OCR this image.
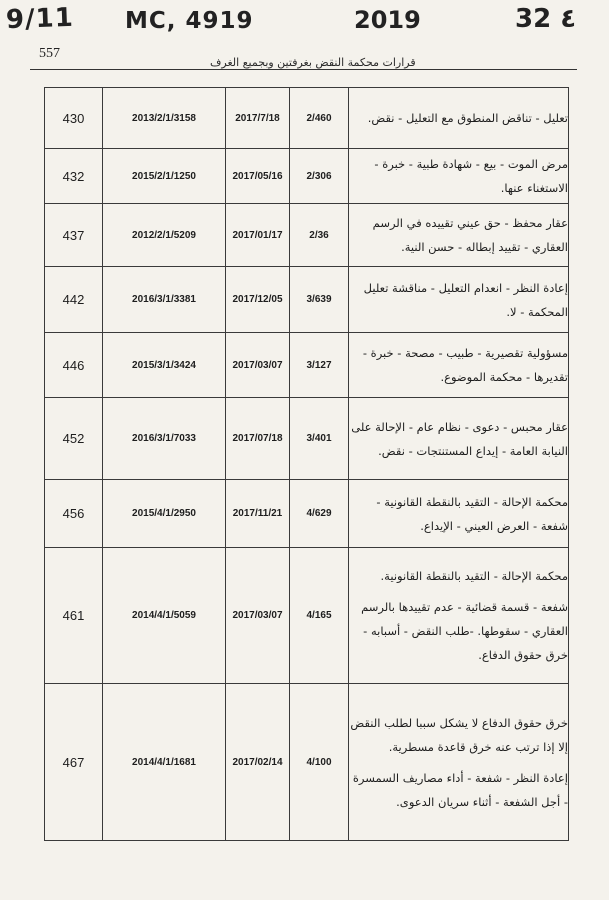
9/11 MC, 4919	2019	32 ٤
557
قرارات محكمة النقض بغرفتين وبجميع الغرف
430	2013/2/1/3158	2017/7/18	2/460	تعليل - تناقض المنطوق مع التعليل - نقض.

432	2015/2/1/1250	2017/05/16	2/306	مرض الموت - بيع - شهادة طبية - خبرة - الاستغناء عنها.

437	2012/2/1/5209	2017/01/17	2/36	عقار محفظ - حق عيني تقييده في الرسم العقاري - تقييد إبطاله - حسن النية.

442	2016/3/1/3381	2017/12/05	3/639	إعادة النظر - انعدام التعليل - مناقشة تعليل المحكمة - لا.

446	2015/3/1/3424	2017/03/07	3/127	مسؤولية تقصيرية - طبيب - مصحة - خبرة - تقديرها - محكمة الموضوع.

452	2016/3/1/7033	2017/07/18	3/401	عقار محبس - دعوى - نظام عام - الإحالة على النيابة العامة - إيداع المستنتجات - نقض.

456	2015/4/1/2950	2017/11/21	4/629	محكمة الإحالة - التقيد بالنقطة القانونية - شفعة - العرض العيني - الإيداع.

461	2014/4/1/5059	2017/03/07	4/165	محكمة الإحالة - التقيد بالنقطة القانونية.

شفعة - قسمة قضائية - عدم تقييدها بالرسم العقاري - سقوطها. -طلب النقض - أسبابه - خرق حقوق الدفاع.

467	2014/4/1/1681	2017/02/14	4/100	خرق حقوق الدفاع لا يشكل سببا لطلب النقض إلا إذا ترتب عنه خرق قاعدة مسطرية.

إعادة النظر - شفعة - أداء مصاريف السمسرة - أجل الشفعة - أثناء سريان الدعوى.
